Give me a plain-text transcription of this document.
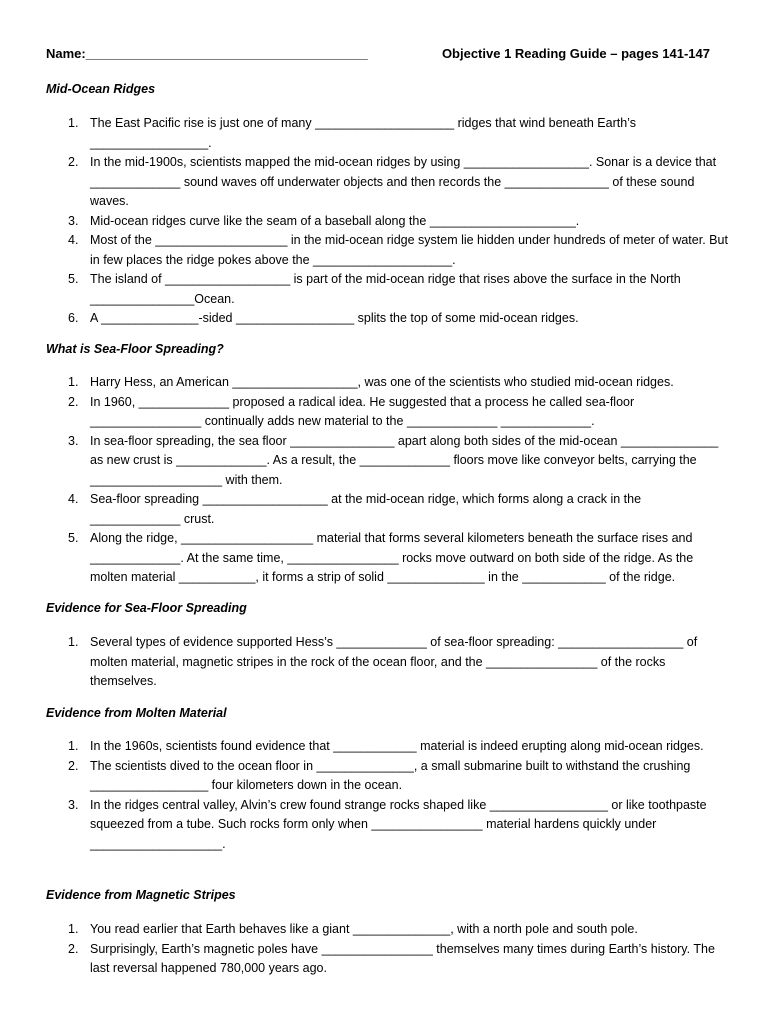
Name:_______________________________________	Objective 1 Reading Guide – pages 141-147
Mid-Ocean Ridges
1. The East Pacific rise is just one of many ____________________ ridges that wind beneath Earth’s _________________.
2. In the mid-1900s, scientists mapped the mid-ocean ridges by using __________________. Sonar is a device that _____________ sound waves off underwater objects and then records the _______________ of these sound waves.
3. Mid-ocean ridges curve like the seam of a baseball along the _____________________.
4. Most of the ___________________ in the mid-ocean ridge system lie hidden under hundreds of meter of water. But in few places the ridge pokes above the ____________________.
5. The island of __________________ is part of the mid-ocean ridge that rises above the surface in the North _______________Ocean.
6. A ______________-sided _________________ splits the top of some mid-ocean ridges.
What is Sea-Floor Spreading?
1. Harry Hess, an American __________________, was one of the scientists who studied mid-ocean ridges.
2. In 1960, _____________ proposed a radical idea. He suggested that a process he called sea-floor ________________ continually adds new material to the _____________ _____________.
3. In sea-floor spreading, the sea floor _______________ apart along both sides of the mid-ocean ______________ as new crust is _____________. As a result, the _____________ floors move like conveyor belts, carrying the ___________________ with them.
4. Sea-floor spreading __________________ at the mid-ocean ridge, which forms along a crack in the _____________ crust.
5. Along the ridge, ___________________ material that forms several kilometers beneath the surface rises and _____________. At the same time, ________________ rocks move outward on both side of the ridge. As the molten material ___________, it forms a strip of solid ______________ in the ____________ of the ridge.
Evidence for Sea-Floor Spreading
1. Several types of evidence supported Hess’s _____________ of sea-floor spreading: __________________ of molten material, magnetic stripes in the rock of the ocean floor, and the ________________ of the rocks themselves.
Evidence from Molten Material
1. In the 1960s, scientists found evidence that ____________ material is indeed erupting along mid-ocean ridges.
2. The scientists dived to the ocean floor in ______________, a small submarine built to withstand the crushing _________________ four kilometers down in the ocean.
3. In the ridges central valley, Alvin’s crew found strange rocks shaped like _________________ or like toothpaste squeezed from a tube. Such rocks form only when ________________ material hardens quickly under ___________________.
Evidence from Magnetic Stripes
1. You read earlier that Earth behaves like a giant ______________, with a north pole and south pole.
2. Surprisingly, Earth’s magnetic poles have ________________ themselves many times during Earth’s history. The last reversal happened 780,000 years ago.
